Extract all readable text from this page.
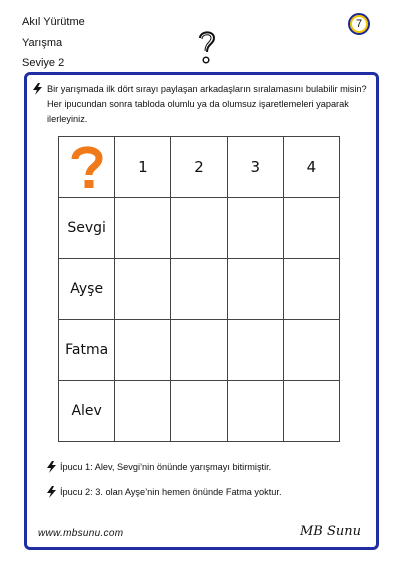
Akıl Yürütme
Yarışma
Seviye 2
7
Bir yarışmada ilk dört sırayı paylaşan arkadaşların sıralamasını bulabilir misin?
Her ipucundan sonra tabloda olumlu ya da olumsuz işaretlemeleri yaparak
ilerleyiniz.
	1	2	3	4
Sevgi				
Ayşe				
Fatma				
Alev				
İpucu 1: Alev, Sevgi’nin önünde yarışmayı bitirmiştir.
İpucu 2: 3. olan Ayşe’nin hemen önünde Fatma yoktur.
www.mbsunu.com	MB Sunu
